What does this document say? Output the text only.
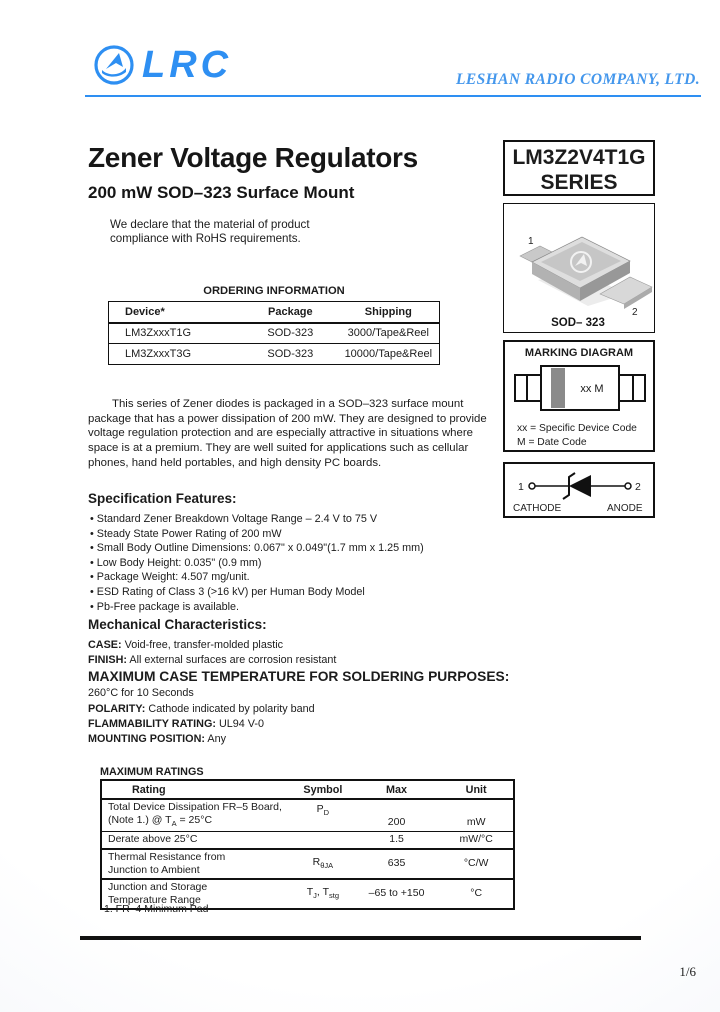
LRC	LESHAN RADIO COMPANY, LTD.
Zener Voltage Regulators
200 mW SOD–323 Surface Mount
We declare that the material of product
compliance with RoHS requirements.
ORDERING INFORMATION
Device*	Package	Shipping
LM3ZxxxT1G	SOD-323	3000/Tape&Reel
LM3ZxxxT3G	SOD-323	10000/Tape&Reel

This series of Zener diodes is packaged in a SOD–323 surface mount package that has a power dissipation of 200 mW. They are designed to provide voltage regulation protection and are especially attractive in situations where space is at a premium. They are well suited for applications such as cellular phones, hand held portables, and high density PC boards.

Specification Features:
• Standard Zener Breakdown Voltage Range – 2.4 V to 75 V
• Steady State Power Rating of 200 mW
• Small Body Outline Dimensions: 0.067" x 0.049"(1.7 mm x 1.25 mm)
• Low Body Height: 0.035" (0.9 mm)
• Package Weight: 4.507 mg/unit.
• ESD Rating of Class 3 (>16 kV) per Human Body Model
• Pb-Free package is available.
Mechanical Characteristics:
CASE: Void-free, transfer-molded plastic
FINISH: All external surfaces are corrosion resistant
MAXIMUM CASE TEMPERATURE FOR SOLDERING PURPOSES:
260°C for 10 Seconds
POLARITY: Cathode indicated by polarity band
FLAMMABILITY RATING: UL94 V-0
MOUNTING POSITION: Any
MAXIMUM RATINGS
Rating	Symbol	Max	Unit

Total Device Dissipation FR–5 Board,
(Note 1.) @ $T_A = 25^\circ C$	$P_D$	200	mW
Derate above 25°C		1.5	mW/°C

Thermal Resistance from
Junction to Ambient	$R_{\theta JA}$	635	°C/W

Junction and Storage
Temperature Range	$T_J$, $T_{stg}$	–65 to +150	°C
1. FR–4 Minimum Pad
LM3Z2V4T1G
SERIES
1
2
SOD– 323
MARKING DIAGRAM
xx M
xx = Specific Device Code
M = Date Code
1	2
CATHODE	ANODE
1/6
